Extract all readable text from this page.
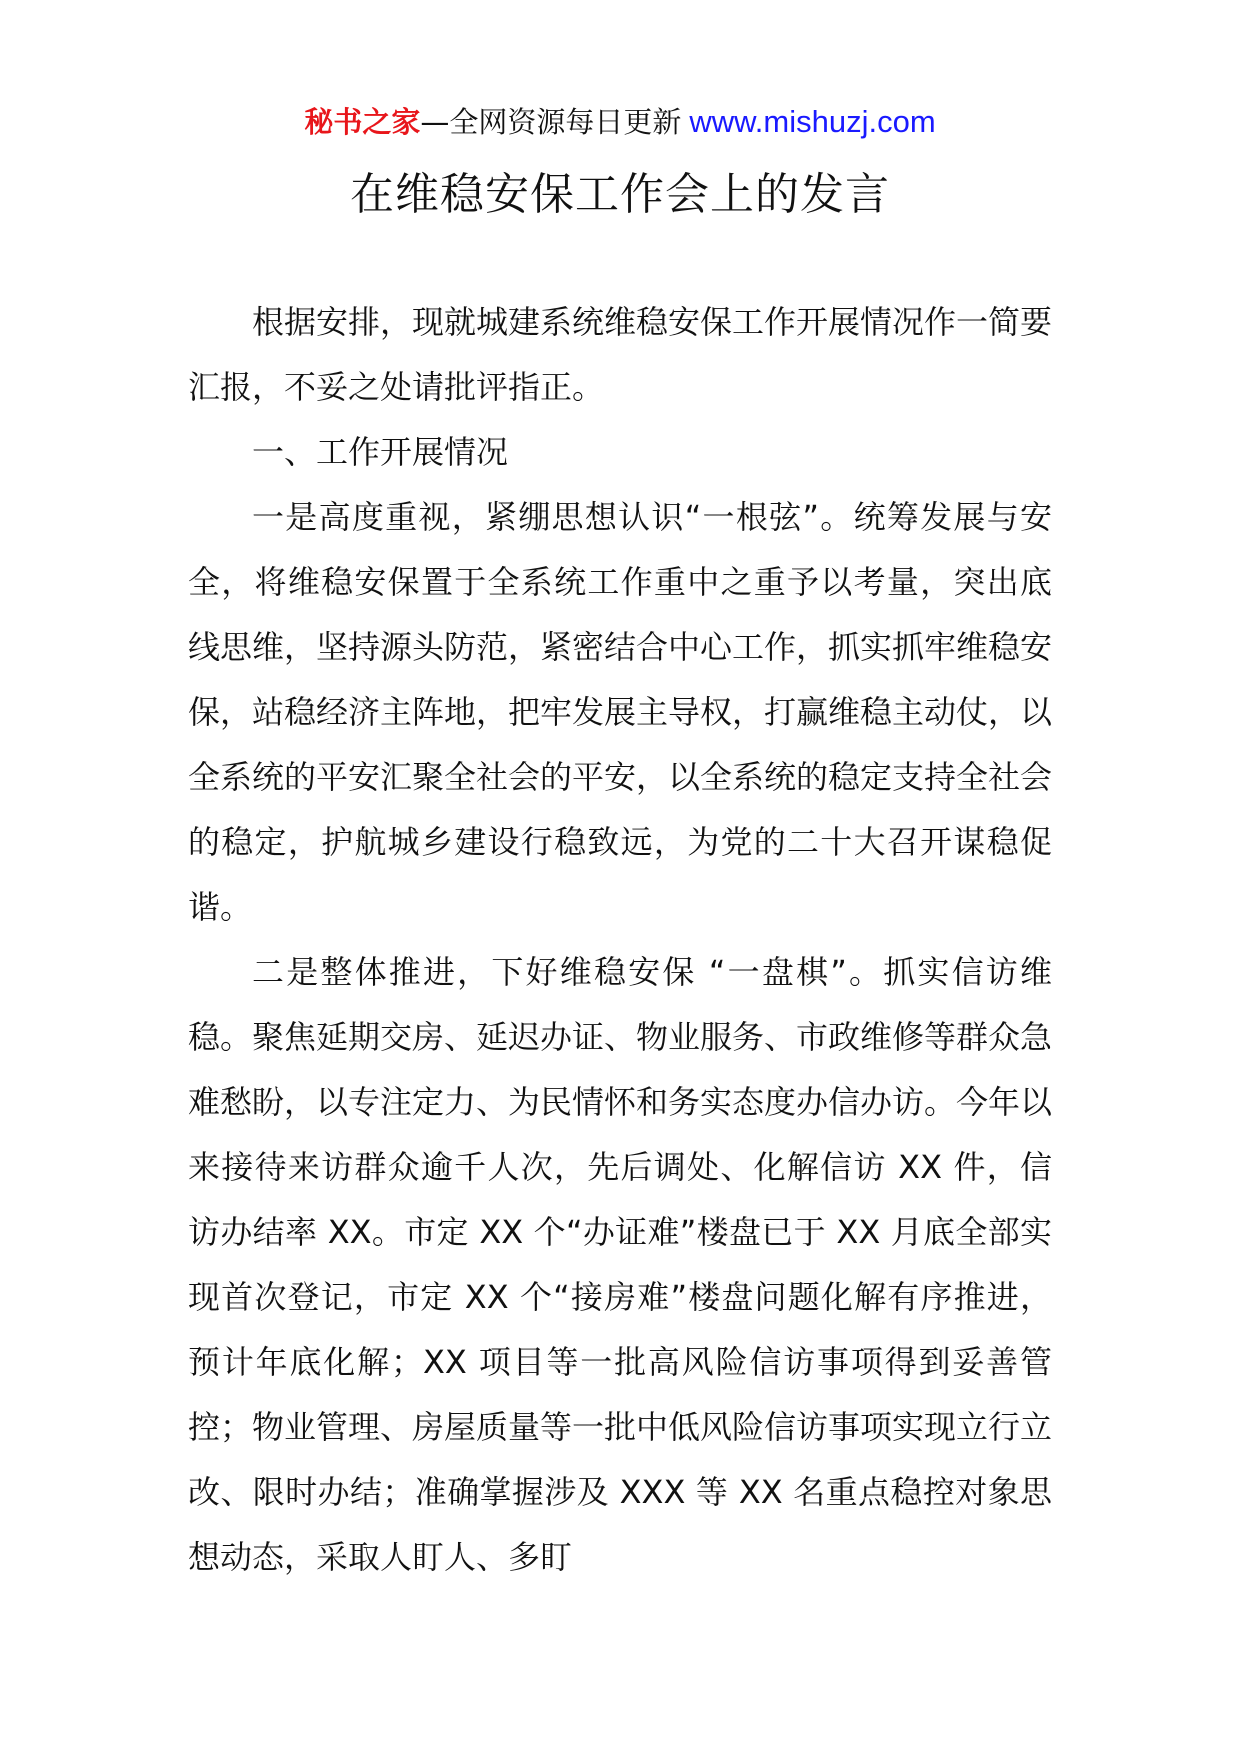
秘书之家—全网资源每日更新 www.mishuzj.com
在维稳安保工作会上的发言

根据安排，现就城建系统维稳安保工作开展情况作一简要汇报，不妥之处请批评指正。

一、工作开展情况

一是高度重视，紧绷思想认识“一根弦”。统筹发展与安全，将维稳安保置于全系统工作重中之重予以考量，突出底 线思维，坚持源头防范，紧密结合中心工作，抓实抓牢维稳安保，站稳经济主阵地，把牢发展主导权，打赢维稳主动仗，以全系统的平安汇聚全社会的平安，以全系统的稳定支持全社会的稳定，护航城乡建设行稳致远，为党的二十大召开谋稳促谐。

二是整体推进，下好维稳安保 “一盘棋”。抓实信访维稳。聚焦延期交房、延迟办证、物业服务、市政维修等群众急难愁盼，以专注定力、为民情怀和务实态度办信办访。今年以来接待来访群众逾千人次，先后调处、化解信访 XX 件，信访办结率 XX。市定 XX 个“办证难”楼盘已于 XX 月底全部实现首次登记，市定 XX 个“接房难”楼盘问题化解有序推进，预计年底化解；XX 项目等一批高风险信访事项得到妥善管控；物业管理、房屋质量等一批中低风险信访事项实现立行立改、限时办结；准确掌握涉及 XXX 等 XX 名重点稳控对象思想动态，采取人盯人、多盯
